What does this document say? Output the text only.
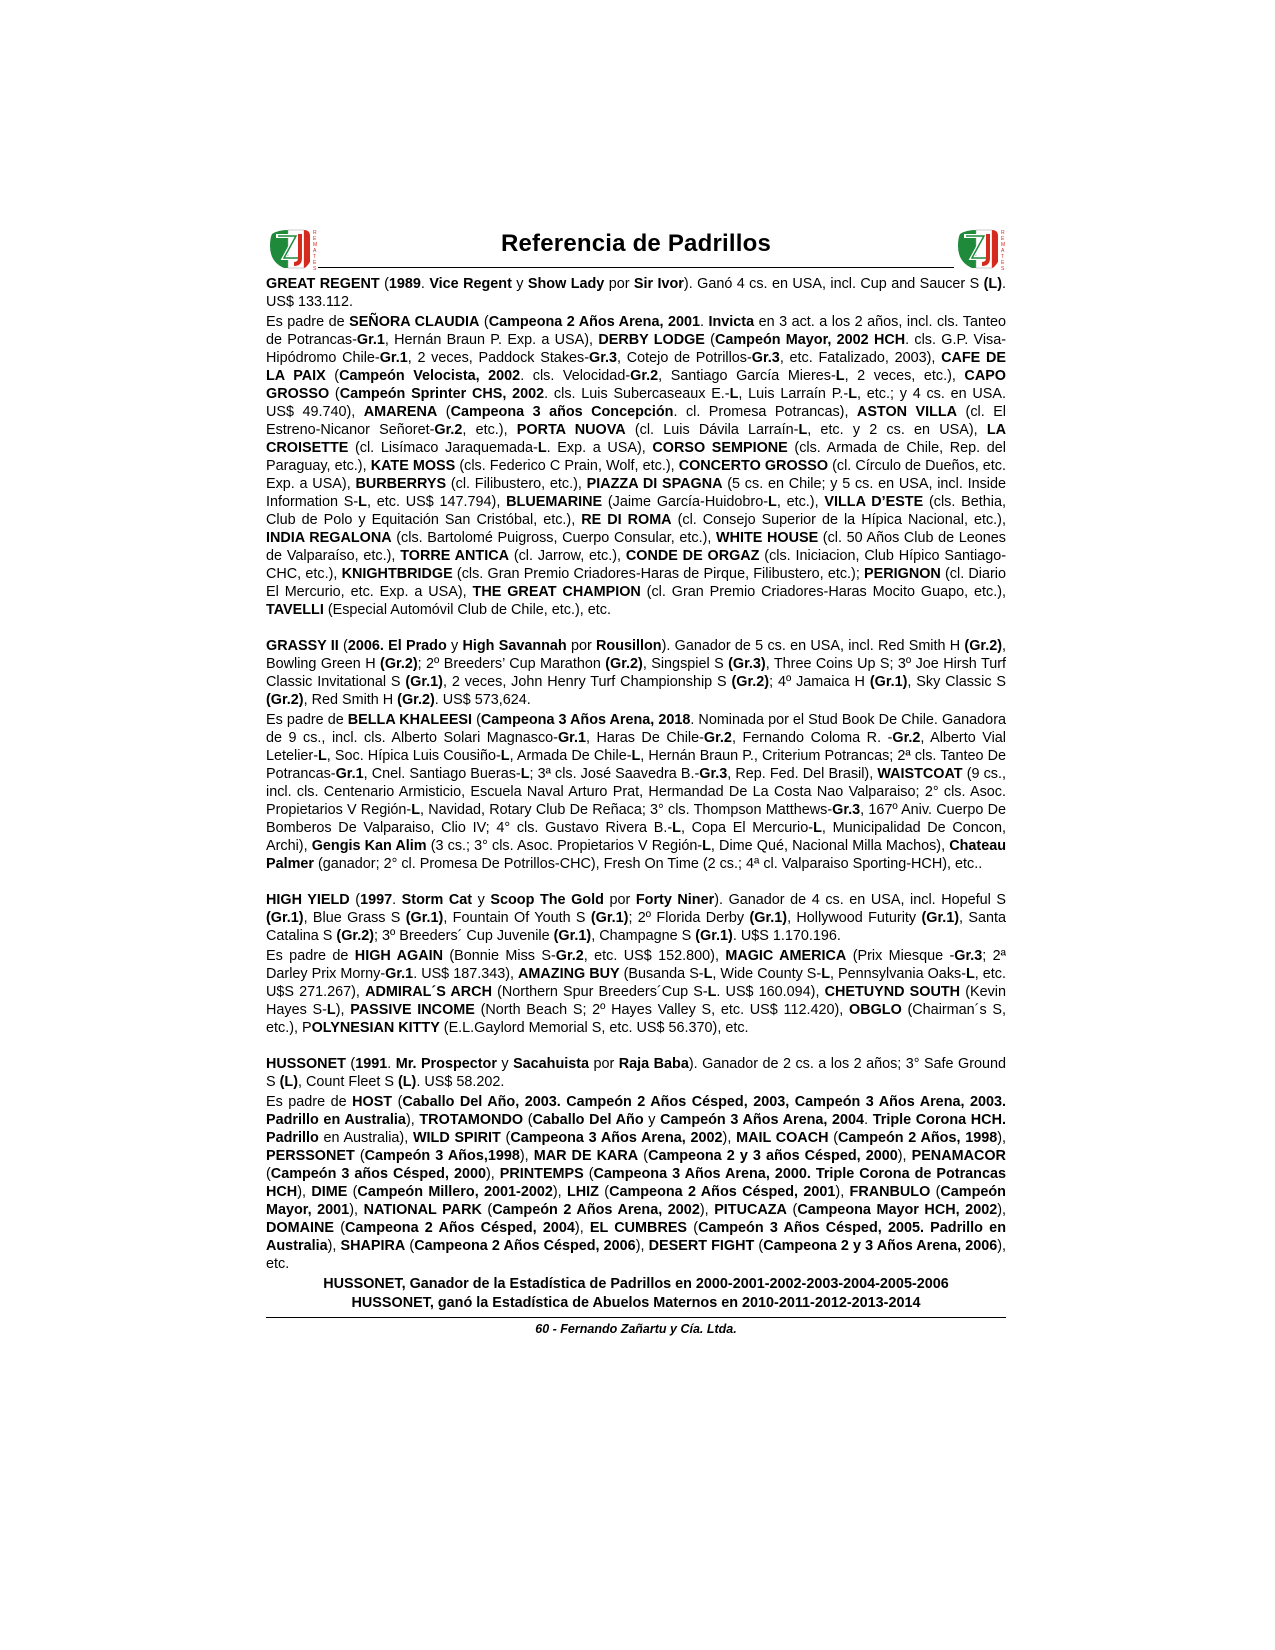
R
E
M
A
T
E
S
Referencia de Padrillos	R
E
M
A
T
E
S

GREAT REGENT (1989. Vice Regent y Show Lady por Sir Ivor). Ganó 4 cs. en USA, incl. Cup and Saucer S (L). US$ 133.112.

Es padre de SEÑORA CLAUDIA (Campeona 2 Años Arena, 2001. Invicta en 3 act. a los 2 años, incl. cls. Tanteo de Potrancas-Gr.1, Hernán Braun P. Exp. a USA), DERBY LODGE (Campeón Mayor, 2002 HCH. cls. G.P. Visa-Hipódromo Chile-Gr.1, 2 veces, Paddock Stakes-Gr.3, Cotejo de Potrillos-Gr.3, etc. Fatalizado, 2003), CAFE DE LA PAIX (Campeón Velocista, 2002. cls. Velocidad-Gr.2, Santiago García Mieres-L, 2 veces, etc.), CAPO GROSSO (Campeón Sprinter CHS, 2002. cls. Luis Subercaseaux E.-L, Luis Larraín P.-L, etc.; y 4 cs. en USA. US$ 49.740), AMARENA (Campeona 3 años Concepción. cl. Promesa Potrancas), ASTON VILLA (cl. El Estreno-Nicanor Señoret-Gr.2, etc.), PORTA NUOVA (cl. Luis Dávila Larraín-L, etc. y 2 cs. en USA), LA CROISETTE (cl. Lisímaco Jaraquemada-L. Exp. a USA), CORSO SEMPIONE (cls. Armada de Chile, Rep. del Paraguay, etc.), KATE MOSS (cls. Federico C Prain, Wolf, etc.), CONCERTO GROSSO (cl. Círculo de Dueños, etc. Exp. a USA), BURBERRYS (cl. Filibustero, etc.), PIAZZA DI SPAGNA (5 cs. en Chile; y 5 cs. en USA, incl. Inside Information S-L, etc. US$ 147.794), BLUEMARINE (Jaime García-Huidobro-L, etc.), VILLA D’ESTE (cls. Bethia, Club de Polo y Equitación San Cristóbal, etc.), RE DI ROMA (cl. Consejo Superior de la Hípica Nacional, etc.), INDIA REGALONA (cls. Bartolomé Puigross, Cuerpo Consular, etc.), WHITE HOUSE (cl. 50 Años Club de Leones de Valparaíso, etc.), TORRE ANTICA (cl. Jarrow, etc.), CONDE DE ORGAZ (cls. Iniciacion, Club Hípico Santiago-CHC, etc.), KNIGHTBRIDGE (cls. Gran Premio Criadores-Haras de Pirque, Filibustero, etc.); PERIGNON (cl. Diario El Mercurio, etc. Exp. a USA), THE GREAT CHAMPION (cl. Gran Premio Criadores-Haras Mocito Guapo, etc.), TAVELLI (Especial Automóvil Club de Chile, etc.), etc.

GRASSY II (2006. El Prado y High Savannah por Rousillon). Ganador de 5 cs. en USA, incl. Red Smith H (Gr.2), Bowling Green H (Gr.2); 2º Breeders’ Cup Marathon (Gr.2), Singspiel S (Gr.3), Three Coins Up S; 3º Joe Hirsh Turf Classic Invitational S (Gr.1), 2 veces, John Henry Turf Championship S (Gr.2); 4º Jamaica H (Gr.1), Sky Classic S (Gr.2), Red Smith H (Gr.2). US$ 573,624.

Es padre de BELLA KHALEESI (Campeona 3 Años Arena, 2018. Nominada por el Stud Book De Chile. Ganadora de 9 cs., incl. cls. Alberto Solari Magnasco-Gr.1, Haras De Chile-Gr.2, Fernando Coloma R. -Gr.2, Alberto Vial Letelier-L, Soc. Hípica Luis Cousiño-L, Armada De Chile-L, Hernán Braun P., Criterium Potrancas; 2ª cls. Tanteo De Potrancas-Gr.1, Cnel. Santiago Bueras-L; 3ª cls. José Saavedra B.-Gr.3, Rep. Fed. Del Brasil), WAISTCOAT (9 cs., incl. cls. Centenario Armisticio, Escuela Naval Arturo Prat, Hermandad De La Costa Nao Valparaiso; 2° cls. Asoc. Propietarios V Región-L, Navidad, Rotary Club De Reñaca; 3° cls. Thompson Matthews-Gr.3, 167º Aniv. Cuerpo De Bomberos De Valparaiso, Clio IV; 4° cls. Gustavo Rivera B.-L, Copa El Mercurio-L, Municipalidad De Concon, Archi), Gengis Kan Alim (3 cs.; 3° cls. Asoc. Propietarios V Región-L, Dime Qué, Nacional Milla Machos), Chateau Palmer (ganador; 2° cl. Promesa De Potrillos-CHC), Fresh On Time (2 cs.; 4ª cl. Valparaiso Sporting-HCH), etc..

HIGH YIELD (1997. Storm Cat y Scoop The Gold por Forty Niner). Ganador de 4 cs. en USA, incl. Hopeful S (Gr.1), Blue Grass S (Gr.1), Fountain Of Youth S (Gr.1); 2º Florida Derby (Gr.1), Hollywood Futurity (Gr.1), Santa Catalina S (Gr.2); 3º Breeders´ Cup Juvenile (Gr.1), Champagne S (Gr.1). U$S 1.170.196.

Es padre de HIGH AGAIN (Bonnie Miss S-Gr.2, etc. US$ 152.800), MAGIC AMERICA (Prix Miesque -Gr.3; 2ª Darley Prix Morny-Gr.1. US$ 187.343), AMAZING BUY (Busanda S-L, Wide County S-L, Pennsylvania Oaks-L, etc. U$S 271.267), ADMIRAL´S ARCH (Northern Spur Breeders´Cup S-L. US$ 160.094), CHETUYND SOUTH (Kevin Hayes S-L), PASSIVE INCOME (North Beach S; 2º Hayes Valley S, etc. US$ 112.420), OBGLO (Chairman´s S, etc.), POLYNESIAN KITTY (E.L.Gaylord Memorial S, etc. US$ 56.370), etc.

HUSSONET (1991. Mr. Prospector y Sacahuista por Raja Baba). Ganador de 2 cs. a los 2 años; 3° Safe Ground S (L), Count Fleet S (L). US$ 58.202.

Es padre de HOST (Caballo Del Año, 2003. Campeón 2 Años Césped, 2003, Campeón 3 Años Arena, 2003. Padrillo en Australia), TROTAMONDO (Caballo Del Año y Campeón 3 Años Arena, 2004. Triple Corona HCH. Padrillo en Australia), WILD SPIRIT (Campeona 3 Años Arena, 2002), MAIL COACH (Campeón 2 Años, 1998), PERSSONET (Campeón 3 Años,1998), MAR DE KARA (Campeona 2 y 3 años Césped, 2000), PENAMACOR (Campeón 3 años Césped, 2000), PRINTEMPS (Campeona 3 Años Arena, 2000. Triple Corona de Potrancas HCH), DIME (Campeón Millero, 2001-2002), LHIZ (Campeona 2 Años Césped, 2001), FRANBULO (Campeón Mayor, 2001), NATIONAL PARK (Campeón 2 Años Arena, 2002), PITUCAZA (Campeona Mayor HCH, 2002), DOMAINE (Campeona 2 Años Césped, 2004), EL CUMBRES (Campeón 3 Años Césped, 2005. Padrillo en Australia), SHAPIRA (Campeona 2 Años Césped, 2006), DESERT FIGHT (Campeona 2 y 3 Años Arena, 2006), etc.

HUSSONET, Ganador de la Estadística de Padrillos en 2000-2001-2002-2003-2004-2005-2006
HUSSONET, ganó la Estadística de Abuelos Maternos en 2010-2011-2012-2013-2014
60 - Fernando Zañartu y Cía. Ltda.
